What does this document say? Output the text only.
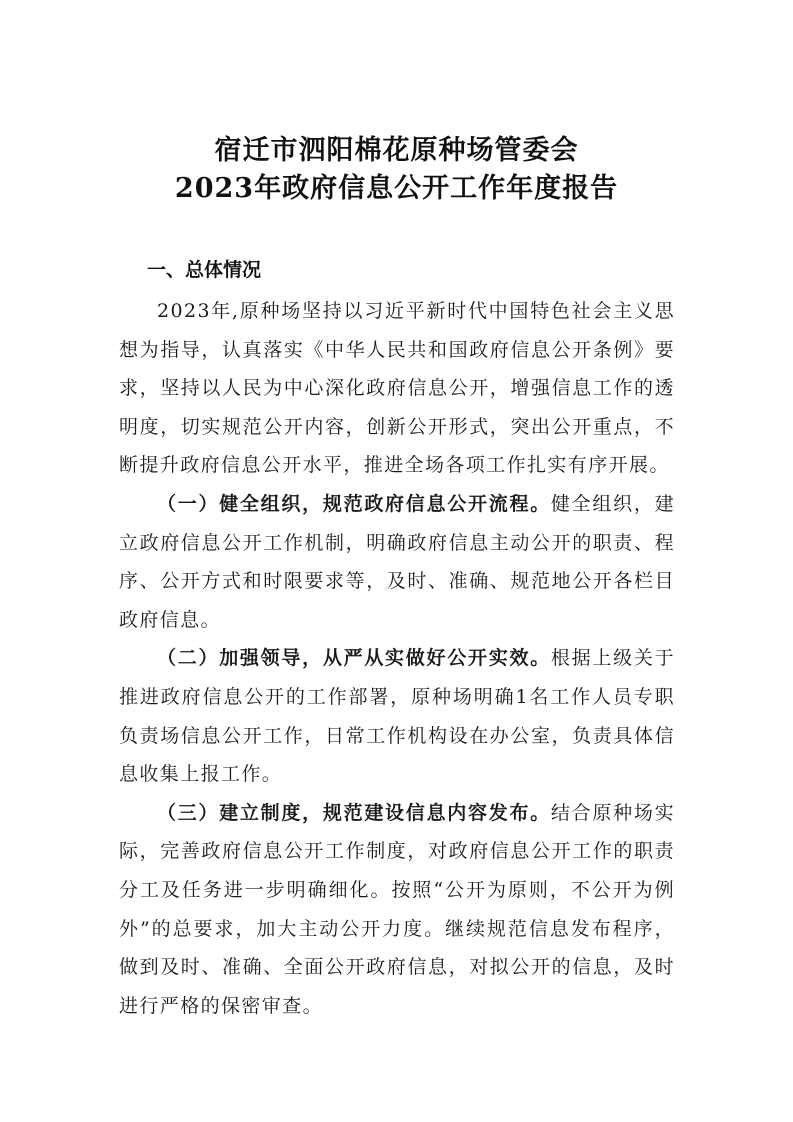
宿迁市泗阳棉花原种场管委会

2023年政府信息公开工作年度报告

一、总体情况

2023年,原种场坚持以习近平新时代中国特色社会主义思想为指导，认真落实《中华人民共和国政府信息公开条例》要求，坚持以人民为中心深化政府信息公开，增强信息工作的透明度，切实规范公开内容，创新公开形式，突出公开重点，不断提升政府信息公开水平，推进全场各项工作扎实有序开展。

（一）健全组织，规范政府信息公开流程。健全组织，建立政府信息公开工作机制，明确政府信息主动公开的职责、程序、公开方式和时限要求等，及时、准确、规范地公开各栏目政府信息。

（二）加强领导，从严从实做好公开实效。根据上级关于推进政府信息公开的工作部署，原种场明确1名工作人员专职负责场信息公开工作，日常工作机构设在办公室，负责具体信息收集上报工作。

（三）建立制度，规范建设信息内容发布。结合原种场实际，完善政府信息公开工作制度，对政府信息公开工作的职责分工及任务进一步明确细化。按照“公开为原则，不公开为例外”的总要求，加大主动公开力度。继续规范信息发布程序，做到及时、准确、全面公开政府信息，对拟公开的信息，及时进行严格的保密审查。
